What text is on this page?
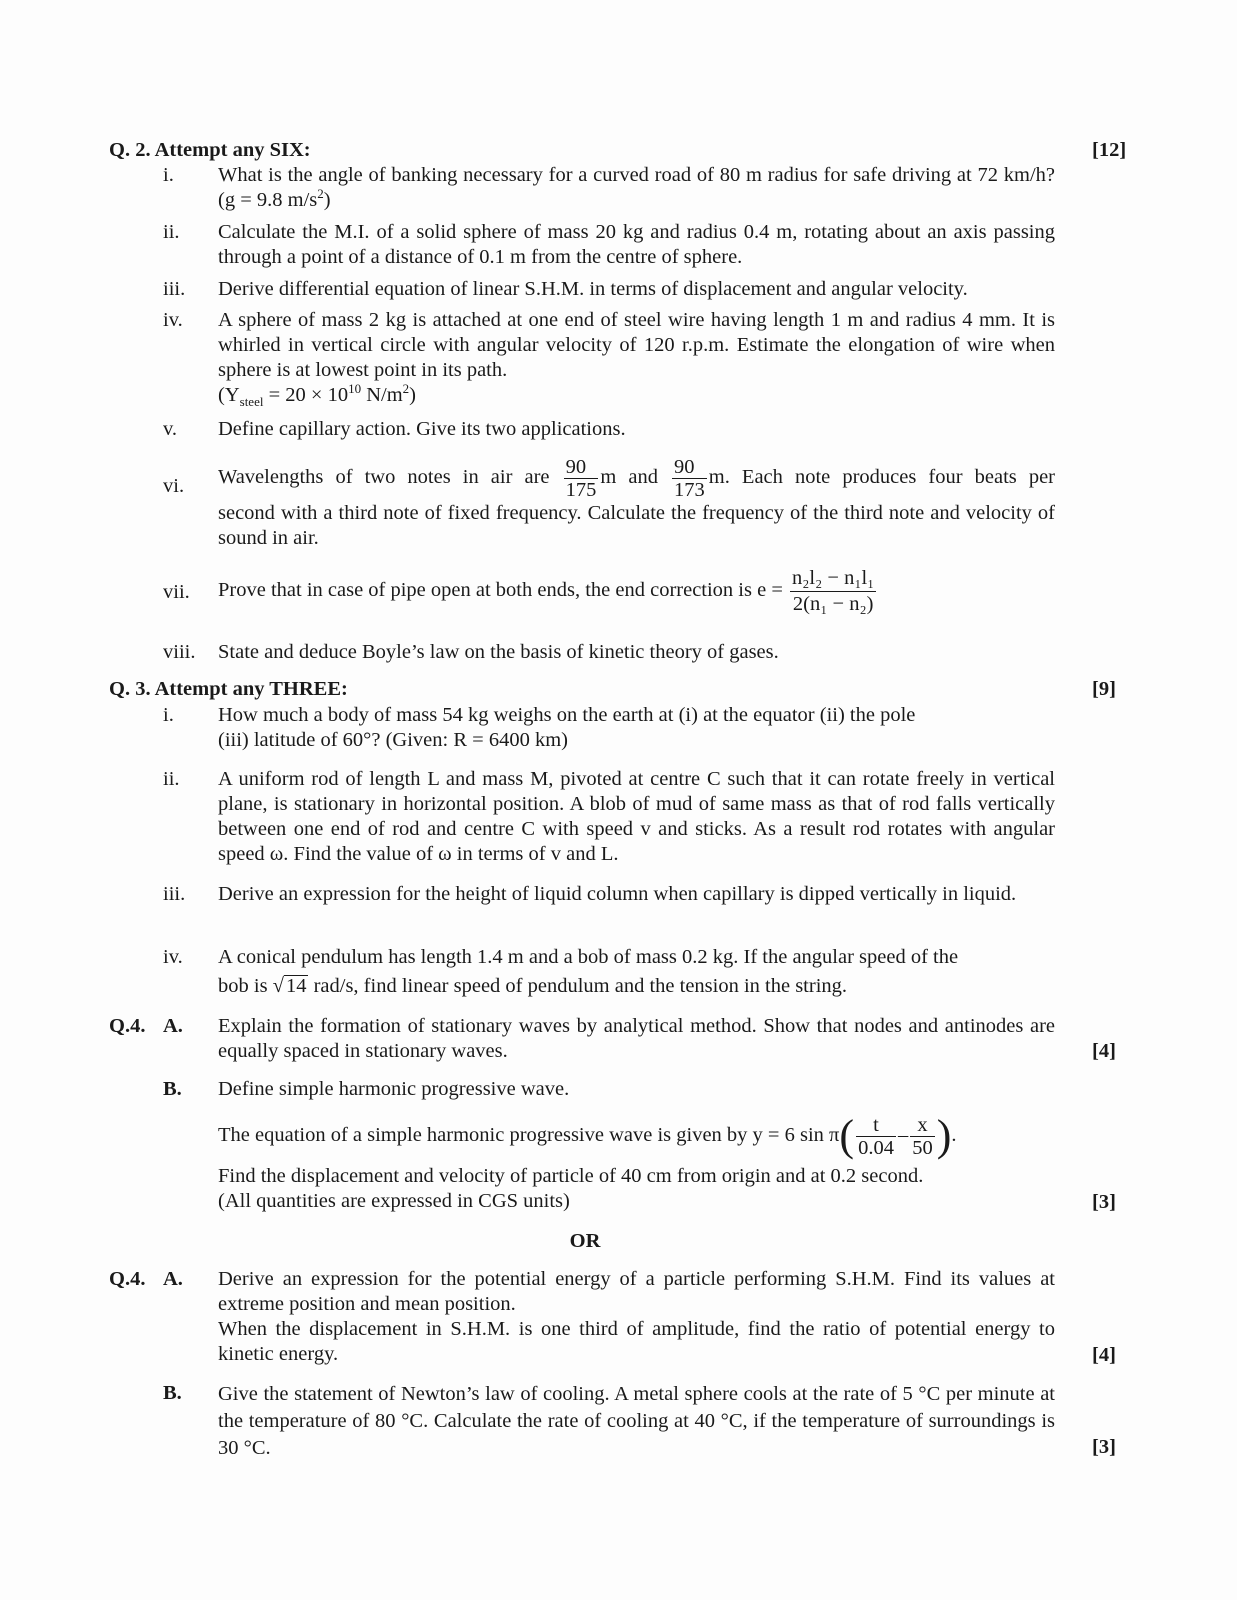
Q. 2. Attempt any SIX:	[12]
i.	What is the angle of banking necessary for a curved road of 80 m radius for safe driving at 72 km/h? (g = 9.8 $m/s^2$)
ii.	Calculate the M.I. of a solid sphere of mass 20 kg and radius 0.4 m, rotating about an axis passing through a point of a distance of 0.1 m from the centre of sphere.
iii.	Derive differential equation of linear S.H.M. in terms of displacement and angular velocity.
iv.	A sphere of mass 2 kg is attached at one end of steel wire having length 1 m and radius 4 mm. It is whirled in vertical circle with angular velocity of 120 r.p.m. Estimate the elongation of wire when sphere is at lowest point in its path.

($Y_{steel} = 20 \times 10^{10}$ $N/m^2$)

v.	Define capillary action. Give its two applications.
vi.	Wavelengths of two notes in air are $\frac{90}{175}$ m and $\frac{90}{173} m$. Each note produces four beats per

second with a third note of fixed frequency. Calculate the frequency of the third note and velocity of sound in air.

vii.	Prove that in case of pipe open at both ends, the end correction is $e = \frac{\text{n₂l₂ − n₁l₁}}{\text{2(n₁ − n₂)}}$
viii.	State and deduce Boyle’s law on the basis of kinetic theory of gases.
Q. 3. Attempt any THREE:	[9]
i.	How much a body of mass 54 kg weighs on the earth at (i) at the equator (ii) the pole

(iii) latitude of 60°? (Given: R = 6400 km)

ii.	A uniform rod of length L and mass M, pivoted at centre C such that it can rotate freely in vertical plane, is stationary in horizontal position. A blob of mud of same mass as that of rod falls vertically between one end of rod and centre C with speed v and sticks. As a result rod rotates with angular speed ω. Find the value of ω in terms of v and L.
iii.	Derive an expression for the height of liquid column when capillary is dipped vertically in liquid.
iv.	A conical pendulum has length 1.4 m and a bob of mass 0.2 kg. If the angular speed of the

bob is √14 rad/s, find linear speed of pendulum and the tension in the string.

Q.4. A. Explain the formation of stationary waves by analytical method. Show that nodes and antinodes are equally spaced in stationary waves.	[4]
B. Define simple harmonic progressive wave.

The equation of a simple harmonic progressive wave is given by y = 6 $\sin \pi( \frac{t}{0.04} - \frac{x}{50}$ ).

Find the displacement and velocity of particle of 40 cm from origin and at 0.2 second.

(All quantities are expressed in CGS units)	[3]
OR
Q.4. A. Derive an expression for the potential energy of a particle performing S.H.M. Find its values at extreme position and mean position.

When the displacement in S.H.M. is one third of amplitude, find the ratio of potential energy to kinetic energy.	[4]
B. Give the statement of Newton’s law of cooling. A metal sphere cools at the rate of 5 °C per minute at the temperature of 80 °C. Calculate the rate of cooling at 40 °C, if the temperature of surroundings is 30 °C.	[3]
